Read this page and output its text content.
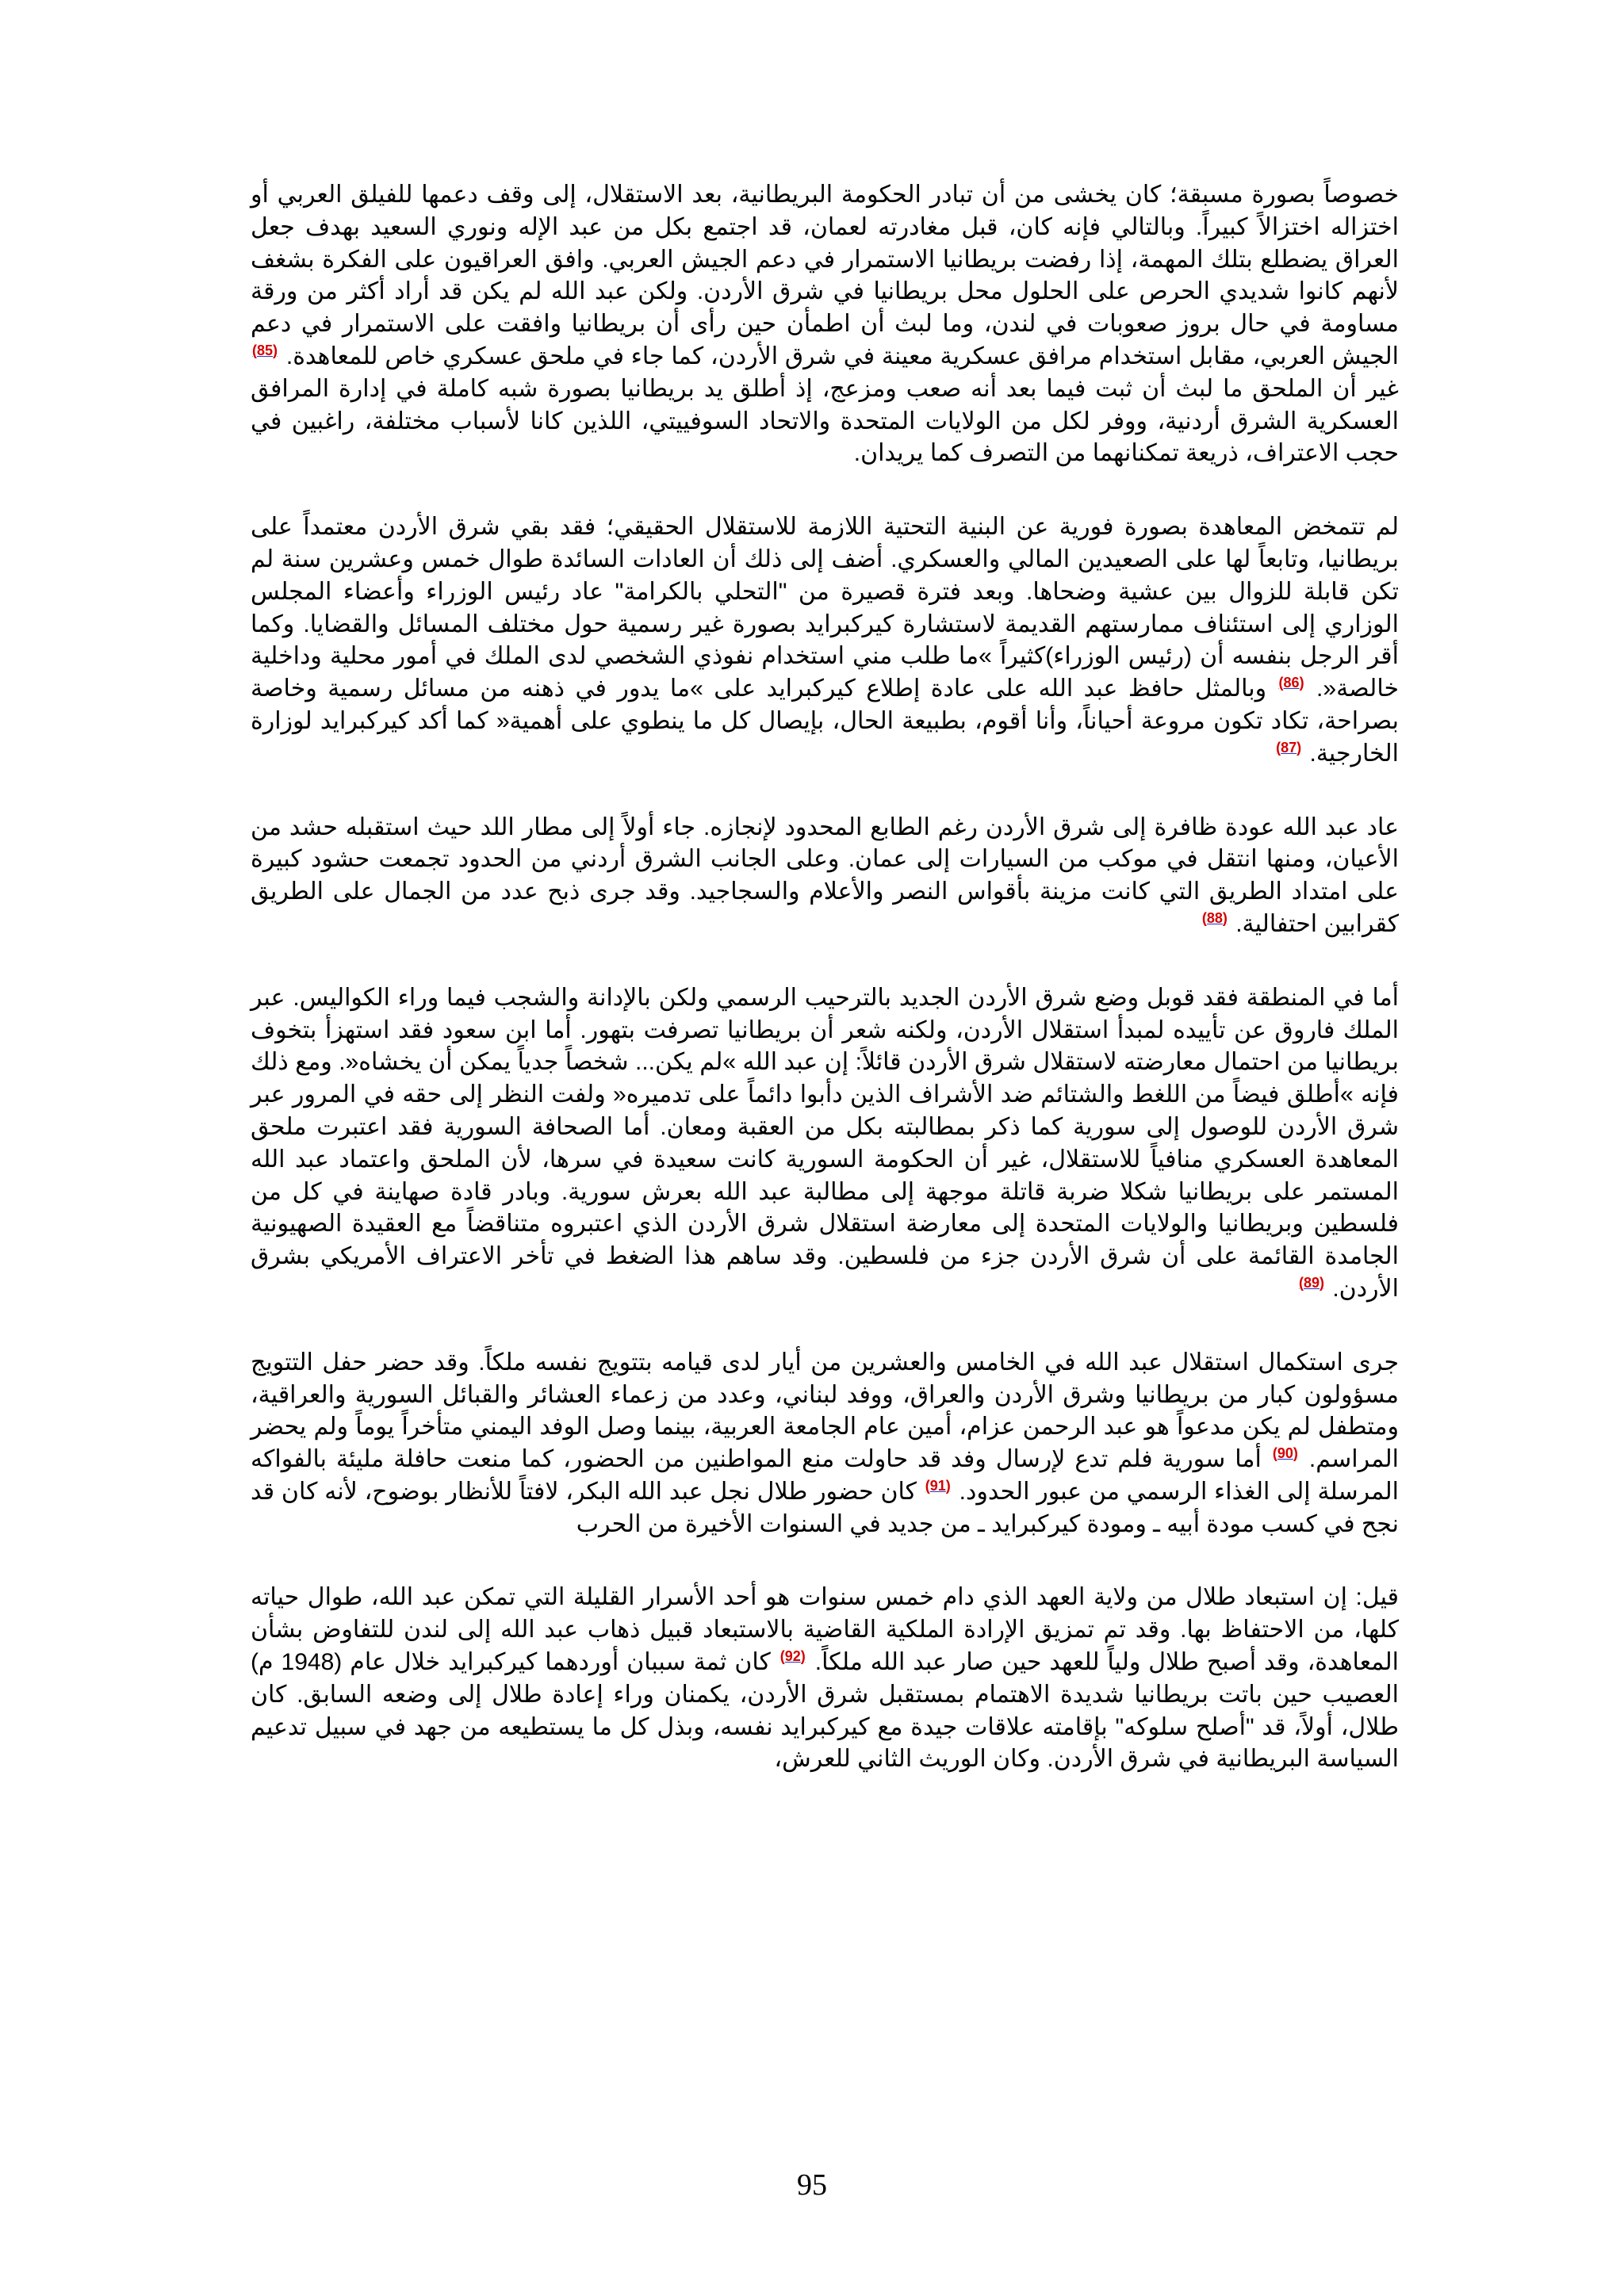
خصوصاً بصورة مسبقة؛ كان يخشى من أن تبادر الحكومة البريطانية، بعد الاستقلال، إلى وقف دعمها للفيلق العربي أو اختزاله اختزالاً كبيراً. وبالتالي فإنه كان، قبل مغادرته لعمان، قد اجتمع بكل من عبد الإله ونوري السعيد بهدف جعل العراق يضطلع بتلك المهمة، إذا رفضت بريطانيا الاستمرار في دعم الجيش العربي. وافق العراقيون على الفكرة بشغف لأنهم كانوا شديدي الحرص على الحلول محل بريطانيا في شرق الأردن. ولكن عبد الله لم يكن قد أراد أكثر من ورقة مساومة في حال بروز صعوبات في لندن، وما لبث أن اطمأن حين رأى أن بريطانيا وافقت على الاستمرار في دعم الجيش العربي، مقابل استخدام مرافق عسكرية معينة في شرق الأردن، كما جاء في ملحق عسكري خاص للمعاهدة. $^{(85)}$ غير أن الملحق ما لبث أن ثبت فيما بعد أنه صعب ومزعج، إذ أطلق يد بريطانيا بصورة شبه كاملة في إدارة المرافق العسكرية الشرق أردنية، ووفر لكل من الولايات المتحدة والاتحاد السوفييتي، اللذين كانا لأسباب مختلفة، راغبين في حجب الاعتراف، ذريعة تمكنانهما من التصرف كما يريدان.

لم تتمخض المعاهدة بصورة فورية عن البنية التحتية اللازمة للاستقلال الحقيقي؛ فقد بقي شرق الأردن معتمداً على بريطانيا، وتابعاً لها على الصعيدين المالي والعسكري. أضف إلى ذلك أن العادات السائدة طوال خمس وعشرين سنة لم تكن قابلة للزوال بين عشية وضحاها. وبعد فترة قصيرة من "التحلي بالكرامة" عاد رئيس الوزراء وأعضاء المجلس الوزاري إلى استئناف ممارستهم القديمة لاستشارة كيركبرايد بصورة غير رسمية حول مختلف المسائل والقضايا. وكما أقر الرجل بنفسه أن (رئيس الوزراء)كثيراً »ما طلب مني استخدام نفوذي الشخصي لدى الملك في أمور محلية وداخلية خالصة«. $^{(86)}$ وبالمثل حافظ عبد الله على عادة إطلاع كيركبرايد على »ما يدور في ذهنه من مسائل رسمية وخاصة بصراحة، تكاد تكون مروعة أحياناً، وأنا أقوم، بطبيعة الحال، بإيصال كل ما ينطوي على أهمية« كما أكد كيركبرايد لوزارة الخارجية. $^{(87)}$

عاد عبد الله عودة ظافرة إلى شرق الأردن رغم الطابع المحدود لإنجازه. جاء أولاً إلى مطار اللد حيث استقبله حشد من الأعيان، ومنها انتقل في موكب من السيارات إلى عمان. وعلى الجانب الشرق أردني من الحدود تجمعت حشود كبيرة على امتداد الطريق التي كانت مزينة بأقواس النصر والأعلام والسجاجيد. وقد جرى ذبح عدد من الجمال على الطريق كقرابين احتفالية. $^{(88)}$

أما في المنطقة فقد قوبل وضع شرق الأردن الجديد بالترحيب الرسمي ولكن بالإدانة والشجب فيما وراء الكواليس. عبر الملك فاروق عن تأييده لمبدأ استقلال الأردن، ولكنه شعر أن بريطانيا تصرفت بتهور. أما ابن سعود فقد استهزأ بتخوف بريطانيا من احتمال معارضته لاستقلال شرق الأردن قائلاً: إن عبد الله »لم يكن... شخصاً جدياً يمكن أن يخشاه«. ومع ذلك فإنه »أطلق فيضاً من اللغط والشتائم ضد الأشراف الذين دأبوا دائماً على تدميره« ولفت النظر إلى حقه في المرور عبر شرق الأردن للوصول إلى سورية كما ذكر بمطالبته بكل من العقبة ومعان. أما الصحافة السورية فقد اعتبرت ملحق المعاهدة العسكري منافياً للاستقلال، غير أن الحكومة السورية كانت سعيدة في سرها، لأن الملحق واعتماد عبد الله المستمر على بريطانيا شكلا ضربة قاتلة موجهة إلى مطالبة عبد الله بعرش سورية. وبادر قادة صهاينة في كل من فلسطين وبريطانيا والولايات المتحدة إلى معارضة استقلال شرق الأردن الذي اعتبروه متناقضاً مع العقيدة الصهيونية الجامدة القائمة على أن شرق الأردن جزء من فلسطين. وقد ساهم هذا الضغط في تأخر الاعتراف الأمريكي بشرق الأردن. $^{(89)}$

جرى استكمال استقلال عبد الله في الخامس والعشرين من أيار لدى قيامه بتتويج نفسه ملكاً. وقد حضر حفل التتويج مسؤولون كبار من بريطانيا وشرق الأردن والعراق، ووفد لبناني، وعدد من زعماء العشائر والقبائل السورية والعراقية، ومتطفل لم يكن مدعواً هو عبد الرحمن عزام، أمين عام الجامعة العربية، بينما وصل الوفد اليمني متأخراً يوماً ولم يحضر المراسم. $^{(90)}$ أما سورية فلم تدع لإرسال وفد قد حاولت منع المواطنين من الحضور، كما منعت حافلة مليئة بالفواكه المرسلة إلى الغذاء الرسمي من عبور الحدود. $^{(91)}$ كان حضور طلال نجل عبد الله البكر، لافتاً للأنظار بوضوح، لأنه كان قد نجح في كسب مودة أبيه ـ ومودة كيركبرايد ـ من جديد في السنوات الأخيرة من الحرب

قيل: إن استبعاد طلال من ولاية العهد الذي دام خمس سنوات هو أحد الأسرار القليلة التي تمكن عبد الله، طوال حياته كلها، من الاحتفاظ بها. وقد تم تمزيق الإرادة الملكية القاضية بالاستبعاد قبيل ذهاب عبد الله إلى لندن للتفاوض بشأن المعاهدة، وقد أصبح طلال ولياً للعهد حين صار عبد الله ملكاً. $^{(92)}$ كان ثمة سببان أوردهما كيركبرايد خلال عام (1948 م) العصيب حين باتت بريطانيا شديدة الاهتمام بمستقبل شرق الأردن، يكمنان وراء إعادة طلال إلى وضعه السابق. كان طلال، أولاً، قد "أصلح سلوكه" بإقامته علاقات جيدة مع كيركبرايد نفسه، وبذل كل ما يستطيعه من جهد في سبيل تدعيم السياسة البريطانية في شرق الأردن. وكان الوريث الثاني للعرش،

95
